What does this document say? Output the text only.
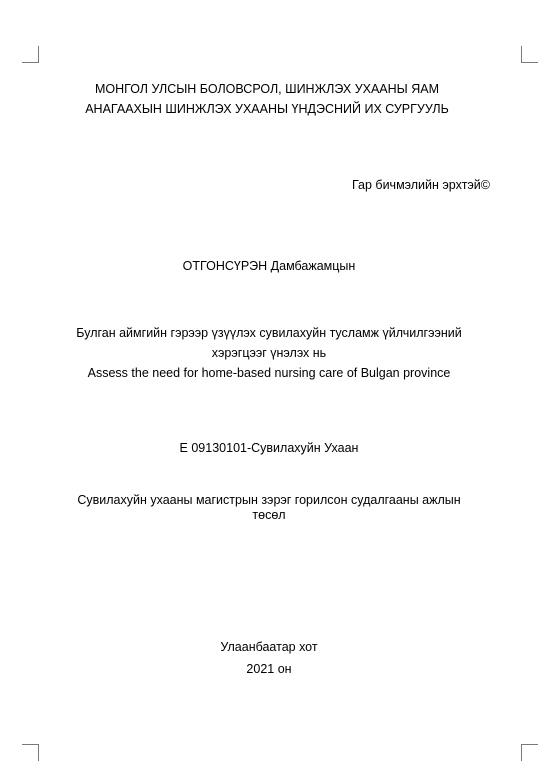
МОНГОЛ УЛСЫН БОЛОВСРОЛ, ШИНЖЛЭХ УХААНЫ ЯАМ
АНАГААХЫН ШИНЖЛЭХ УХААНЫ ҮНДЭСНИЙ ИХ СУРГУУЛЬ
Гар бичмэлийн эрхтэй©
ОТГОНСҮРЭН Дамбажамцын
Булган аймгийн гэрээр үзүүлэх сувилахуйн тусламж үйлчилгээний
хэрэгцээг үнэлэх нь
Assess the need for home-based nursing care of Bulgan province
Е 09130101-Сувилахуйн Ухаан
Сувилахуйн ухааны магистрын зэрэг горилсон судалгааны ажлын
төсөл
Улаанбаатар хот
2021 он
